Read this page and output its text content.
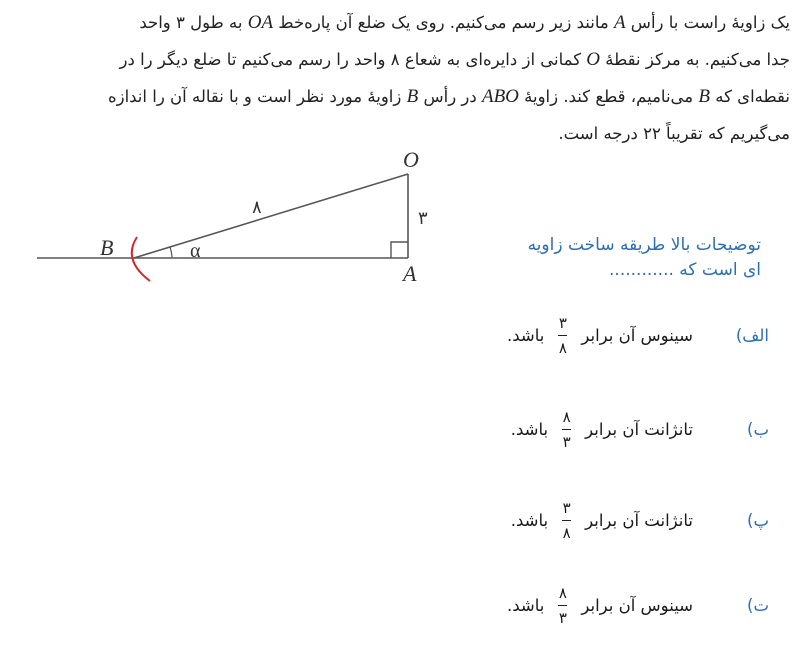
یک زاویهٔ راست با رأس A مانند زیر رسم می‌کنیم. روی یک ضلع آن پاره‌خط OA به طول ۳ واحد
جدا می‌کنیم. به مرکز نقطهٔ O کمانی از دایره‌ای به شعاع ۸ واحد را رسم می‌کنیم تا ضلع دیگر را در
نقطه‌ای که B می‌نامیم، قطع کند. زاویهٔ ABO در رأس B زاویهٔ مورد نظر است و با نقاله آن را اندازه
می‌گیریم که تقریباً ۲۲ درجه است.
B
O
A
α
۸
۳
توضیحات بالا طریقه ساخت زاویه
ای است که ............
الف)
سینوس آن برابر
$\frac{۳}{۸}$
باشد.
ب)
تانژانت آن برابر
$\frac{۸}{۳}$
باشد.
پ)
تانژانت آن برابر
$\frac{۳}{۸}$
باشد.
ت)
سینوس آن برابر
$\frac{۸}{۳}$
باشد.
